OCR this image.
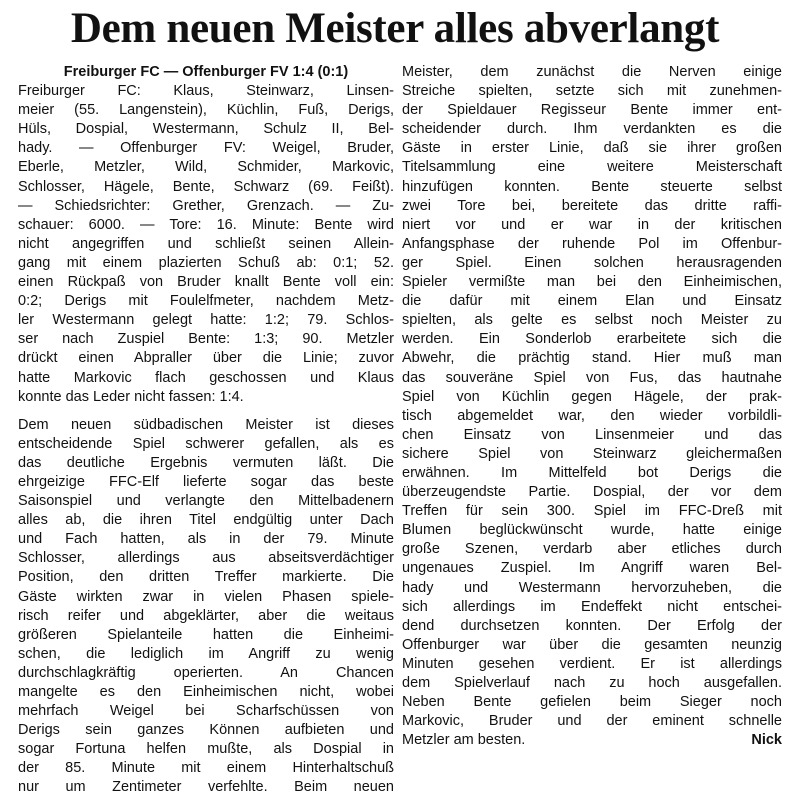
Dem neuen Meister alles abverlangt
Freiburger FC — Offenburger FV 1:4 (0:1)
Freiburger FC: Klaus, Steinwarz, Linsen-
meier (55. Langenstein), Küchlin, Fuß, Derigs,
Hüls, Dospial, Westermann, Schulz II, Bel-
hady. — Offenburger FV: Weigel, Bruder,
Eberle, Metzler, Wild, Schmider, Markovic,
Schlosser, Hägele, Bente, Schwarz (69. Feißt).
— Schiedsrichter: Grether, Grenzach. — Zu-
schauer: 6000. — Tore: 16. Minute: Bente wird
nicht angegriffen und schließt seinen Allein-
gang mit einem plazierten Schuß ab: 0:1; 52.
einen Rückpaß von Bruder knallt Bente voll ein:
0:2; Derigs mit Foulelfmeter, nachdem Metz-
ler Westermann gelegt hatte: 1:2; 79. Schlos-
ser nach Zuspiel Bente: 1:3; 90. Metzler
drückt einen Abpraller über die Linie; zuvor
hatte Markovic flach geschossen und Klaus
konnte das Leder nicht fassen: 1:4.
Dem neuen südbadischen Meister ist dieses
entscheidende Spiel schwerer gefallen, als es
das deutliche Ergebnis vermuten läßt. Die
ehrgeizige FFC-Elf lieferte sogar das beste
Saisonspiel und verlangte den Mittelbadenern
alles ab, die ihren Titel endgültig unter Dach
und Fach hatten, als in der 79. Minute
Schlosser, allerdings aus abseitsverdächtiger
Position, den dritten Treffer markierte. Die
Gäste wirkten zwar in vielen Phasen spiele-
risch reifer und abgeklärter, aber die weitaus
größeren Spielanteile hatten die Einheimi-
schen, die lediglich im Angriff zu wenig
durchschlagkräftig operierten. An Chancen
mangelte es den Einheimischen nicht, wobei
mehrfach Weigel bei Scharfschüssen von
Derigs sein ganzes Können aufbieten und
sogar Fortuna helfen mußte, als Dospial in
der 85. Minute mit einem Hinterhaltschuß
nur um Zentimeter verfehlte. Beim neuen
Meister, dem zunächst die Nerven einige
Streiche spielten, setzte sich mit zunehmen-
der Spieldauer Regisseur Bente immer ent-
scheidender durch. Ihm verdankten es die
Gäste in erster Linie, daß sie ihrer großen
Titelsammlung eine weitere Meisterschaft
hinzufügen konnten. Bente steuerte selbst
zwei Tore bei, bereitete das dritte raffi-
niert vor und er war in der kritischen
Anfangsphase der ruhende Pol im Offenbur-
ger Spiel. Einen solchen herausragenden
Spieler vermißte man bei den Einheimischen,
die dafür mit einem Elan und Einsatz
spielten, als gelte es selbst noch Meister zu
werden. Ein Sonderlob erarbeitete sich die
Abwehr, die prächtig stand. Hier muß man
das souveräne Spiel von Fus, das hautnahe
Spiel von Küchlin gegen Hägele, der prak-
tisch abgemeldet war, den wieder vorbildli-
chen Einsatz von Linsenmeier und das
sichere Spiel von Steinwarz gleichermaßen
erwähnen. Im Mittelfeld bot Derigs die
überzeugendste Partie. Dospial, der vor dem
Treffen für sein 300. Spiel im FFC-Dreß mit
Blumen beglückwünscht wurde, hatte einige
große Szenen, verdarb aber etliches durch
ungenaues Zuspiel. Im Angriff waren Bel-
hady und Westermann hervorzuheben, die
sich allerdings im Endeffekt nicht entschei-
dend durchsetzen konnten. Der Erfolg der
Offenburger war über die gesamten neunzig
Minuten gesehen verdient. Er ist allerdings
dem Spielverlauf nach zu hoch ausgefallen.
Neben Bente gefielen beim Sieger noch
Markovic, Bruder und der eminent schnelle
Metzler am besten.	Nick
